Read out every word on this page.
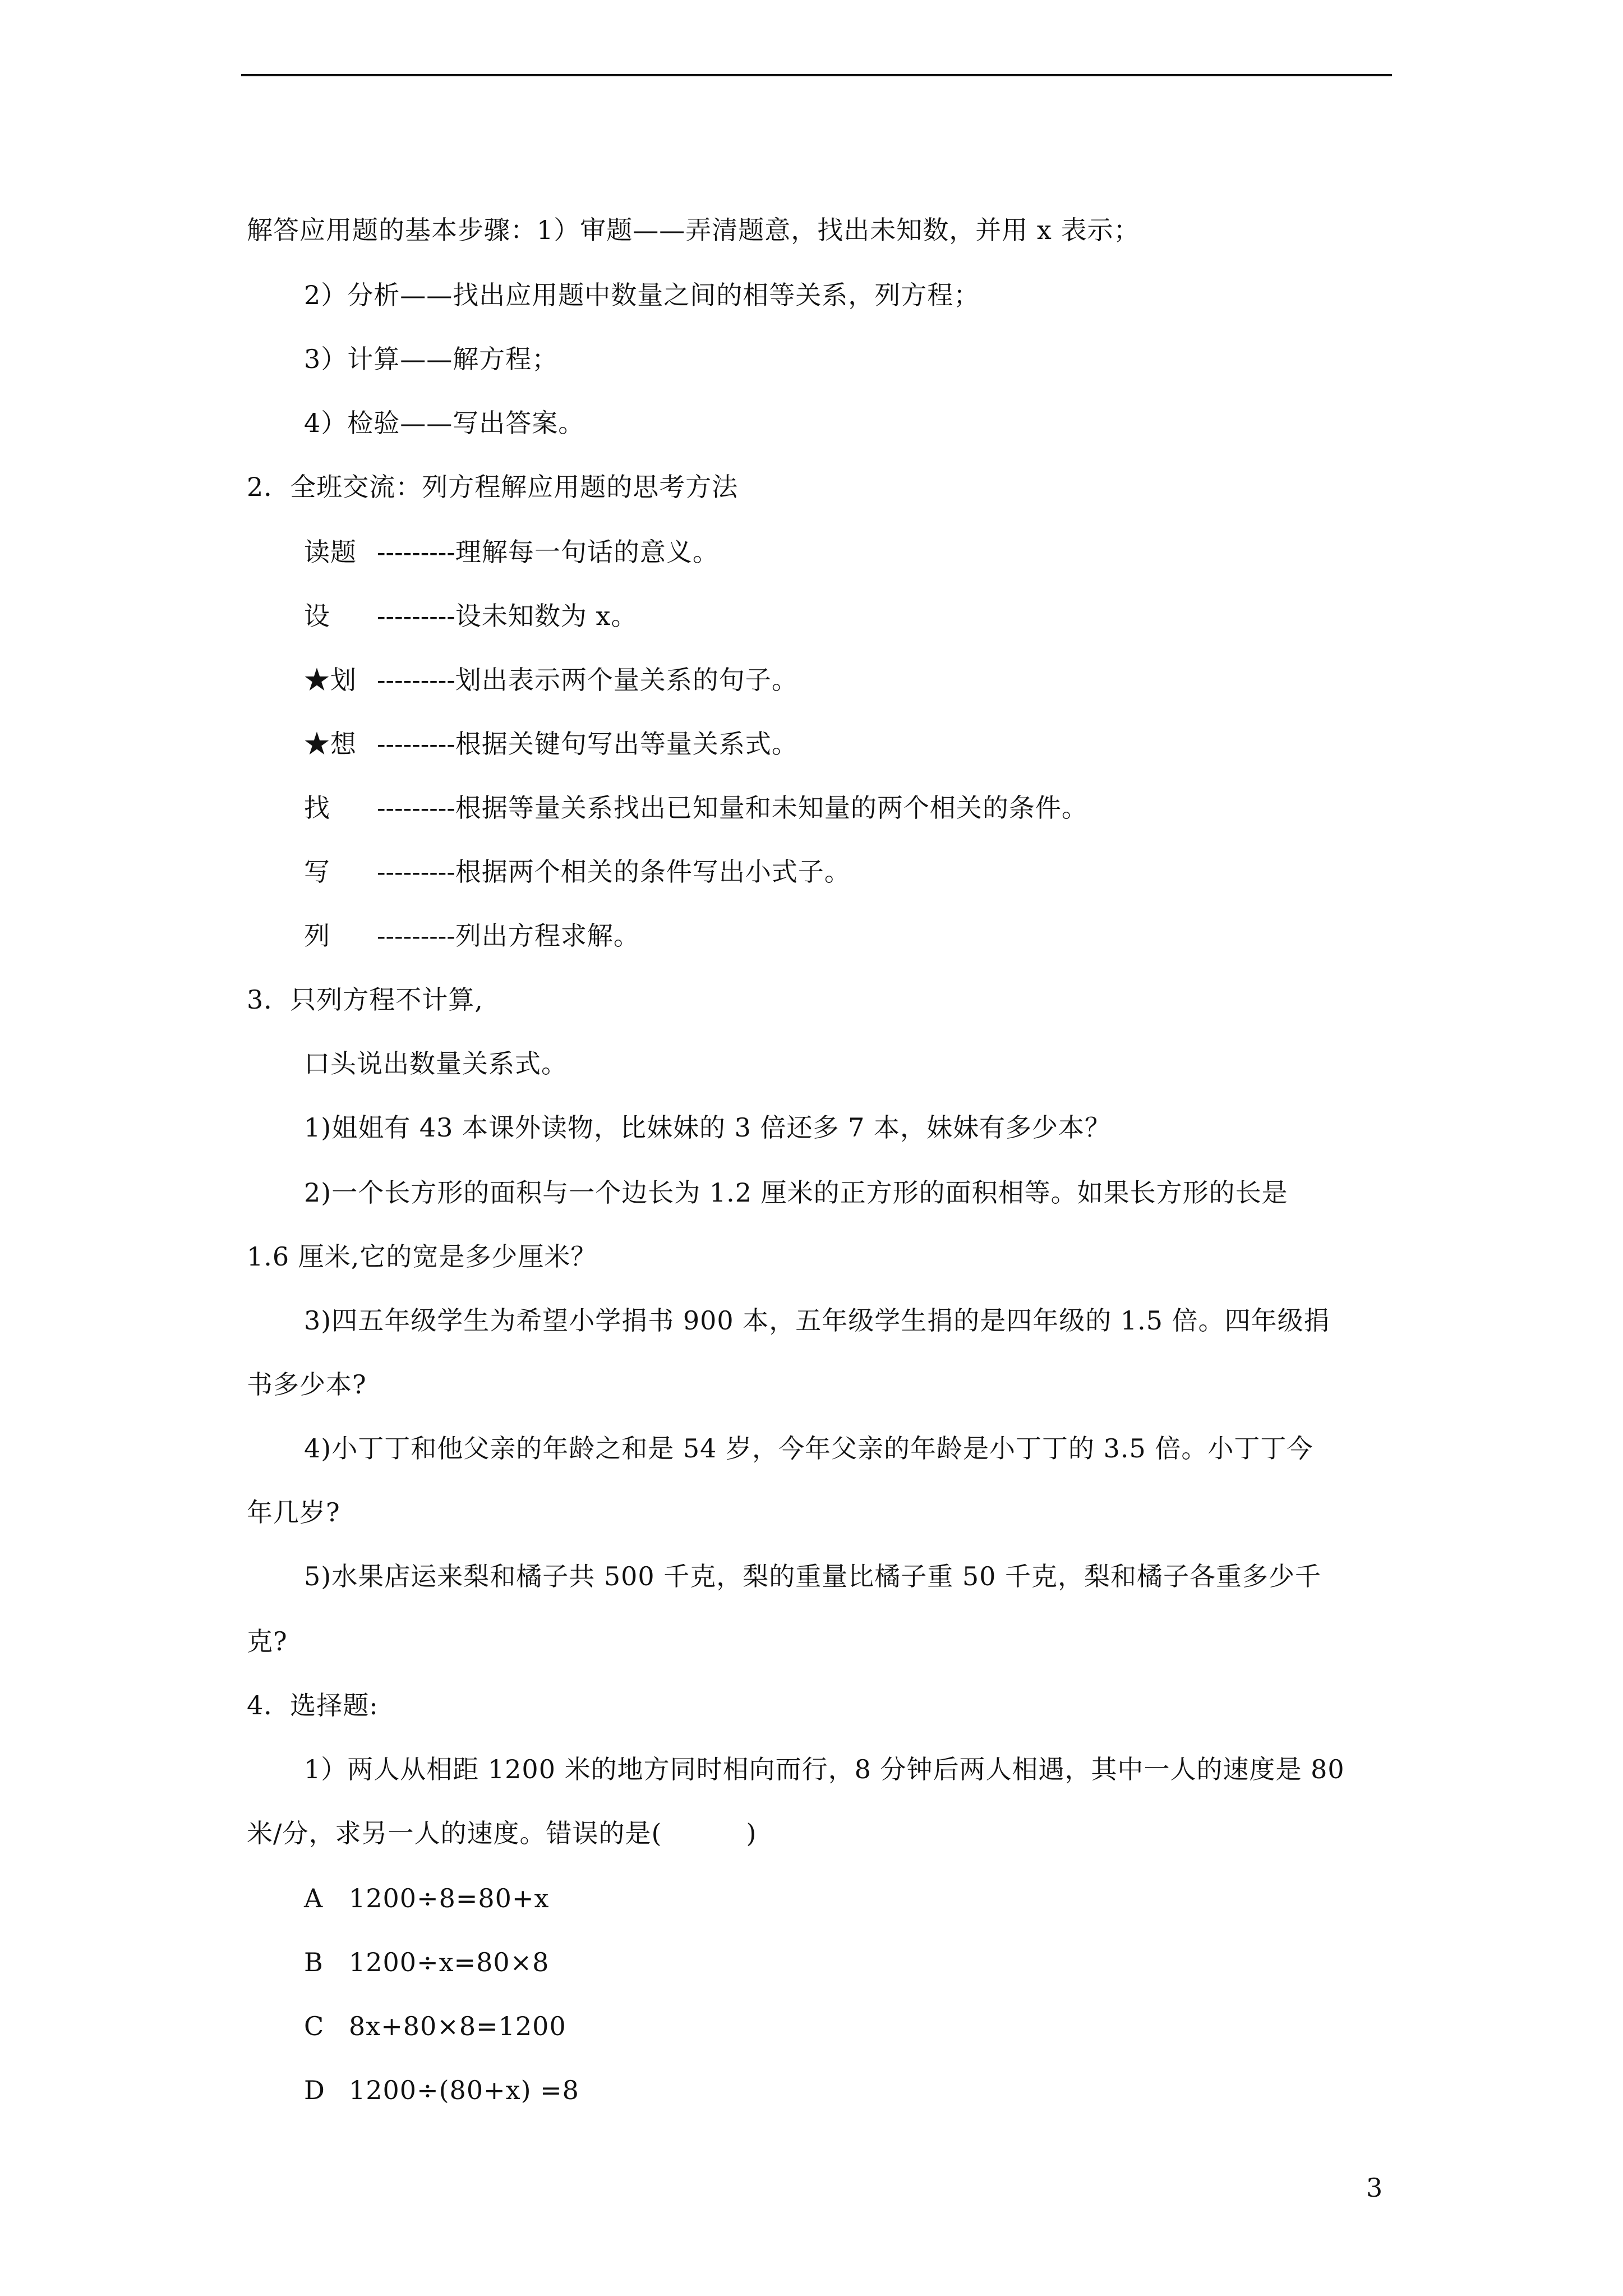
解答应用题的基本步骤：1）审题——弄清题意，找出未知数，并用 x 表示；
2）分析——找出应用题中数量之间的相等关系，列方程；
3）计算——解方程；
4）检验——写出答案。
2．全班交流：列方程解应用题的思考方法
读题 ---------理解每一句话的意义。
设 ---------设未知数为 x。
★划 ---------划出表示两个量关系的句子。
★想 ---------根据关键句写出等量关系式。
找 ---------根据等量关系找出已知量和未知量的两个相关的条件。
写 ---------根据两个相关的条件写出小式子。
列 ---------列出方程求解。
3．只列方程不计算,
口头说出数量关系式。
1)姐姐有 43 本课外读物，比妹妹的 3 倍还多 7 本，妹妹有多少本？
2)一个长方形的面积与一个边长为 1.2 厘米的正方形的面积相等。如果长方形的长是
1.6 厘米,它的宽是多少厘米？
3)四五年级学生为希望小学捐书 900 本，五年级学生捐的是四年级的 1.5 倍。四年级捐
书多少本?
4)小丁丁和他父亲的年龄之和是 54 岁，今年父亲的年龄是小丁丁的 3.5 倍。小丁丁今
年几岁?
5)水果店运来梨和橘子共 500 千克，梨的重量比橘子重 50 千克，梨和橘子各重多少千
克?
4．选择题:
1）两人从相距 1200 米的地方同时相向而行，8 分钟后两人相遇，其中一人的速度是 80
米/分，求另一人的速度。错误的是(	)
A 1200÷8=80+x
B 1200÷x=80×8
C 8x+80×8=1200
D 1200÷(80+x) =8
3
